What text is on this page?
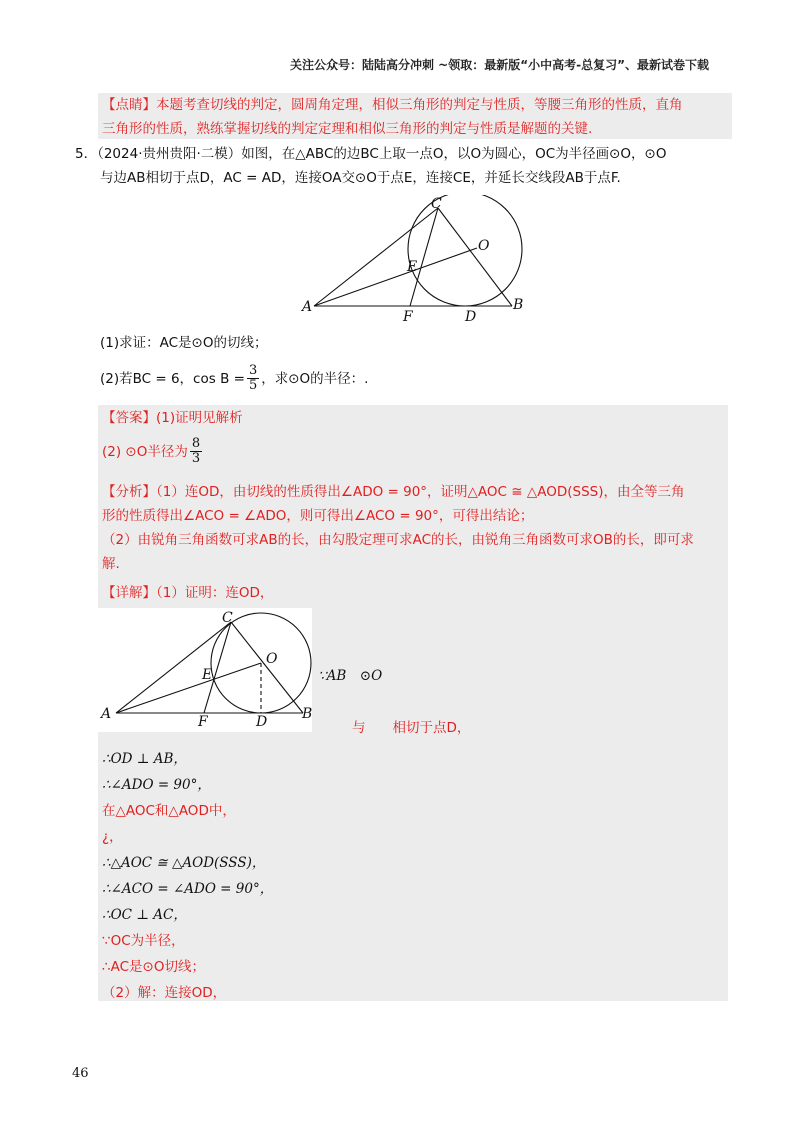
关注公众号：陆陆高分冲刺 ~领取：最新版“小中高考-总复习”、最新试卷下载
【点睛】本题考查切线的判定，圆周角定理，相似三角形的判定与性质，等腰三角形的性质，直角
三角形的性质，熟练掌握切线的判定定理和相似三角形的判定与性质是解题的关键.
5．（2024·贵州贵阳·二模）如图，在△ABC的边BC上取一点O，以O为圆心，OC为半径画⊙O，⊙O
与边AB相切于点D，AC = AD，连接OA交⊙O于点E，连接CE，并延长交线段AB于点F.
C
O
E
A
F	D
B
(1)求证：AC是⊙O的切线；
(2)若BC = 6，$\cos B = \frac{3}{5}$ ，求⊙O的半径：.
【答案】(1)证明见解析
(2) ⊙O半径为 $\frac{8}{3}$
【分析】（1）连OD，由切线的性质得出∠ADO = 90°，证明△AOC ≅ △AOD(SSS)，由全等三角
形的性质得出∠ACO = ∠ADO，则可得出∠ACO = 90°，可得出结论；
（2）由锐角三角函数可求AB的长，由勾股定理可求AC的长，由锐角三角函数可求OB的长，即可求
解.
【详解】（1）证明：连OD，
C
O
E
A	F	D B
∵AB　⊙O
与　　相切于点D，
∴OD ⊥ AB，
∴∠ADO = 90°，
在△AOC和△AOD中，
¿，
∴△AOC ≅ △AOD(SSS)，
∴∠ACO = ∠ADO = 90°，
∴OC ⊥ AC，
∵OC为半径，
∴AC是⊙O切线；
（2）解：连接OD，
46
